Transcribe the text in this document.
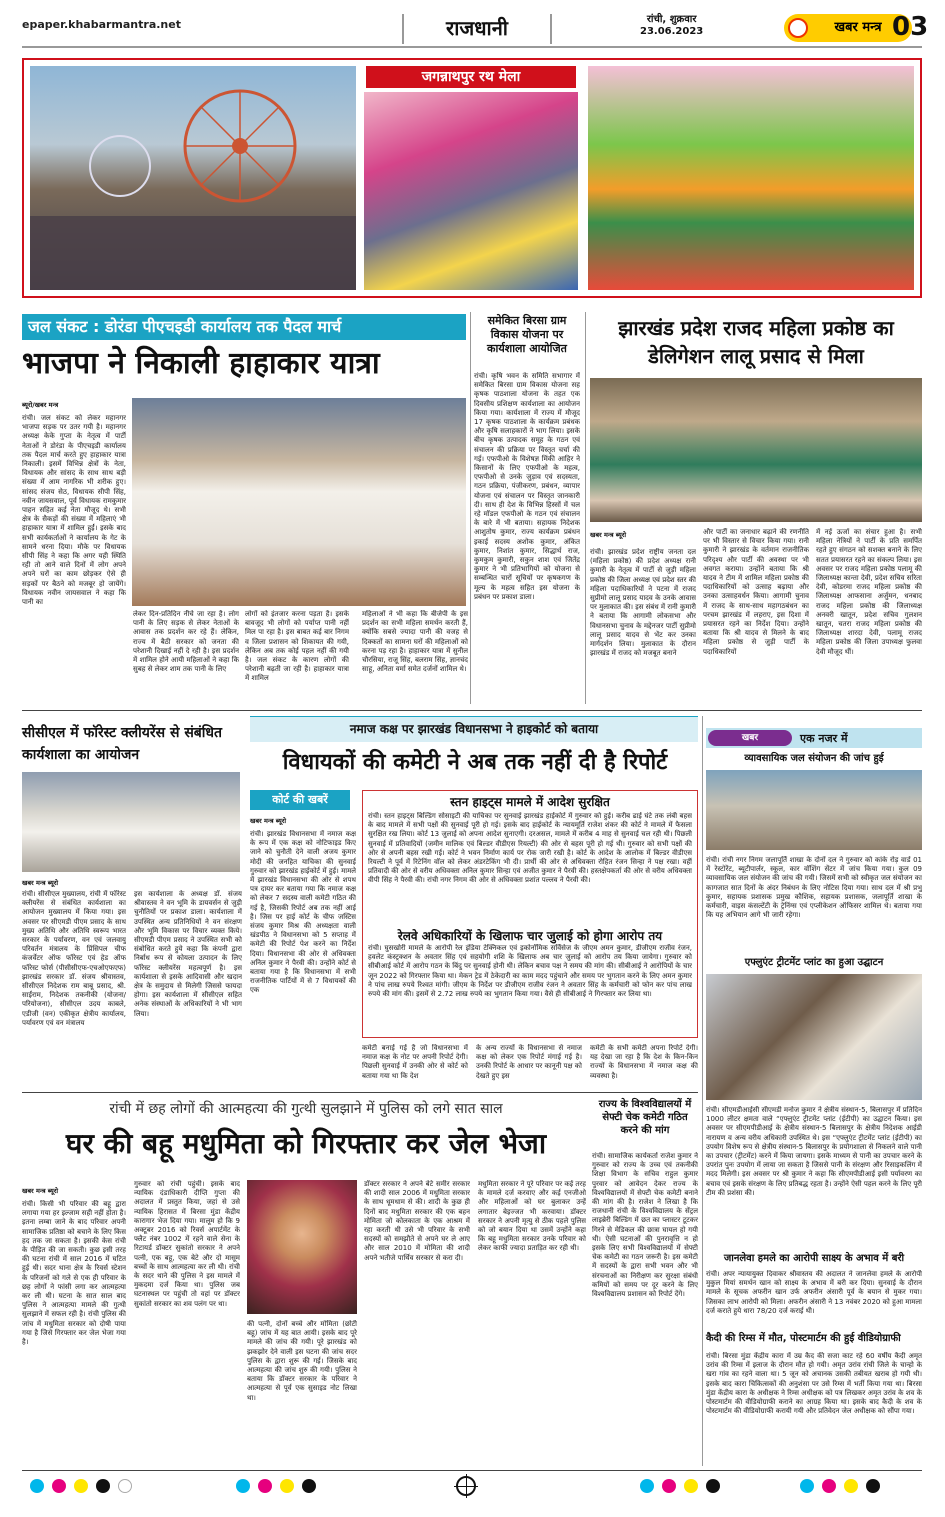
epaper.khabarmantra.net	राजधानी	रांची, शुक्रवार
23.06.2023	खबर मन्त्र 03
जगन्नाथपुर रथ मेला
जल संकट : डोरंडा पीएचइडी कार्यालय तक पैदल मार्च
भाजपा ने निकाली हाहाकार यात्रा
ब्यूरो/खबर मन्त्र
रांची। जल संकट को लेकर महानगर भाजपा सड़क पर उतर गयी है। महानगर अध्यक्ष केके गुप्ता के नेतृत्व में पार्टी नेताओं ने डोरंडा के पीएचइडी कार्यालय तक पैदल मार्च करते हुए हाहाकार यात्रा निकाली। इसमें विभिन्न क्षेत्रों के नेता, विधायक और सांसद के साथ साथ बड़ी संख्या में आम नागरिक भी शरीक हुए। सांसद संजय सेठ, विधायक सीपी सिंह, नवीन जायसवाल, पूर्व विधायक रामकुमार पाहन सहित कई नेता मौजूद थे। सभी क्षेत्र के सैकड़ों की संख्या में महिलाएं भी हाहाकार यात्रा में शामिल हुईं। इसके बाद सभी कार्यकर्ताओं ने कार्यालय के गेट के सामने धरना दिया। मौके पर विधायक सीपी सिंह ने कहा कि अगर यही स्थिति रही तो आने वाले दिनों में लोग अपने अपने घरों का काम छोड़कर ऐसे ही सड़कों पर बैठने को मजबूर हो जायेंगे। विधायक नवीन जायसवाल ने कहा कि पानी का
लेकर दिन-प्रतिदिन नीचे जा रहा है। लोग पानी के लिए सड़क से लेकर नेताओं के आवास तक प्रदर्शन कर रहे हैं। लेकिन, राज्य में बैठी सरकार को जनता की परेशानी दिखाई नहीं दे रही है। इस प्रदर्शन में शामिल होने आयी महिलाओं ने कहा कि सुबह से लेकर शाम तक पानी के लिए
लोगों को इंतजार करना पड़ता है। इसके बावजूद भी लोगों को पर्याप्त पानी नहीं मिल पा रहा है। इस बाबत कई बार निगम व जिला प्रशासन को शिकायत की गयी, लेकिन अब तक कोई पहल नहीं की गयी है। जल संकट के कारण लोगों की परेशानी बढ़ती जा रही है। हाहाकार यात्रा में शामिल
महिलाओं ने भी कहा कि बीजेपी के इस प्रदर्शन का सभी महिला समर्थन करती हैं, क्योंकि सबसे ज्यादा पानी की वजह से दिक्कतों का सामना घरों की महिलाओं को करना पड़ रहा है। हाहाकार यात्रा में सुनील चौरसिया, राजू सिंह, बलराम सिंह, ज्ञानचंद साहू, अनिता वर्मा समेत दर्जनों शामिल थे।
समेकित बिरसा ग्राम विकास योजना पर कार्यशाला आयोजित
रांची। कृषि भवन के समिति सभागार में समेकित बिरसा ग्राम विकास योजना सह कृषक पाठशाला योजना के तहत एक दिवसीय प्रशिक्षण कार्यशाला का आयोजन किया गया। कार्यशाला में राज्य में मौजूद 17 कृषक पाठशाला के कार्यक्रम प्रबंधक और कृषि सलाहकारों ने भाग लिया। इसके बीच कृषक उत्पादक समूह के गठन एवं संचालन की प्रक्रिया पर विस्तृत चर्चा की गई। एफपीओ के विशेषज्ञ मिंकी आहिर ने किसानों के लिए एफपीओ के महत्व, एफपीओ से उनके जुड़ाव एवं सदस्यता, गठन प्रक्रिया, पंजीकरण, प्रबंधन, व्यापार योजना एवं संचालन पर विस्तृत जानकारी दी। साथ ही देश के विभिन्न हिस्सों में चल रहे मॉडल एफपीओ के गठन एवं संचालन के बारे में भी बताया। सहायक निदेशक आशुतोष कुमार, राज्य कार्यक्रम प्रबंधन इकाई सदस्य अशोक कुमार, अंकित कुमार, निशांत कुमार, सिद्धार्थ राज, कुमकुम कुमारी, सकुन शाश एवं जितेंद्र कुमार ने भी प्रतिभागियों को योजना से सम्बन्धित चारों सूचियों पर कृषकगण के मूल्य के महत्व सहित इस योजना के प्रबंधन पर प्रकाश डाला।
झारखंड प्रदेश राजद महिला प्रकोष्ठ का डेलिगेशन लालू प्रसाद से मिला
खबर मन्त्र ब्यूरो
रांची। झारखंड प्रदेश राष्ट्रीय जनता दल (महिला प्रकोष्ठ) की प्रदेश अध्यक्ष रानी कुमारी के नेतृत्व में पार्टी से जुड़ी महिला प्रकोष्ठ की जिला अध्यक्ष एवं प्रदेश स्तर की महिला पदाधिकारियों ने पटना में राजद सुप्रीमो लालू प्रसाद यादव के उनके आवास पर मुलाकात की। इस संबंध में रानी कुमारी ने बताया कि आगामी लोकसभा और विधानसभा चुनाव के मद्देनजर पार्टी सुप्रीमो लालू प्रसाद यादव से भेंट कर उनका मार्गदर्शन लिया। मुलाकात के दौरान झारखंड में राजद को मजबूत बनाने
और पार्टी का जनाधार बढ़ाने की रणनीति पर भी विस्तार से विचार किया गया। रानी कुमारी ने झारखंड के वर्तमान राजनीतिक परिदृश्य और पार्टी की अवस्था पर भी अवगत कराया। उन्होंने बताया कि श्री यादव ने टीम में शामिल महिला प्रकोष्ठ की पदाधिकारियों को उत्साह बढ़ाया और उनका उत्साहवर्धन किया। आगामी चुनाव में राजद के साथ-साथ महागठबंधन का परचम झारखंड में लहराए, इस दिशा में प्रयासरत रहने का निर्देश दिया। उन्होंने बताया कि श्री यादव से मिलने के बाद महिला प्रकोष्ठ से जुड़ी पार्टी के पदाधिकारियों
में नई ऊर्जा का संचार हुआ है। सभी महिला नेत्रियों ने पार्टी के प्रति समर्पित रहते हुए संगठन को सशक्त बनाने के लिए सतत प्रयासरत रहने का संकल्प लिया। इस अवसर पर राजद महिला प्रकोष्ठ पलामू की जिलाध्यक्ष कान्ता देवी, प्रदेश सचिव सरिता देवी, कोडरमा राजद महिला प्रकोष्ठ की जिलाध्यक्ष आफसाना अर्जुमन, धनबाद राजद महिला प्रकोष्ठ की जिलाध्यक्ष अनवरी खातून, प्रदेश सचिव गुलशन खातून, चतरा राजद महिला प्रकोष्ठ की जिलाध्यक्ष शारदा देवी, पलामू राजद महिला प्रकोष्ठ की जिला उपाध्यक्ष फुलवा देवी मौजूद थीं।
सीसीएल में फॉरेस्ट क्लीयरेंस से संबंधित कार्यशाला का आयोजन
खबर मन्त्र ब्यूरो
रांची। सीसीएल मुख्यालय, रांची में फॉरेस्ट क्लीयरेंस से संबंधित कार्यशाला का आयोजन मुख्यालय में किया गया। इस अवसर पर सीएमडी पीएम प्रसाद के साथ मुख्य अतिथि और अतिथि स्वरूप भारत सरकार के पर्यावरण, वन एवं जलवायु परिवर्तन मंत्रालय के प्रिंसिपल चीफ कंजर्वेटर ऑफ फॉरेस्ट एवं हेड ऑफ फॉरेस्ट फोर्स (पीसीसीएफ-एचओएफएफ) झारखंड सरकार डॉ. संजय श्रीवास्तव, सीसीएल निदेशक राम बाबू प्रसाद, श्री. साईंराम, निदेशक तकनीकी (योजना/ परियोजना), सीसीएल उदय काबले, एडीजी (वन) एकीकृत क्षेत्रीय कार्यालय, पर्यावरण एवं वन मंत्रालय
इस कार्यशाला के अध्यक्ष डॉ. संजय श्रीवास्तव ने वन भूमि के डायवर्सन से जुड़ी चुनौतियों पर प्रकाश डाला। कार्यशाला में उपस्थित अन्य प्रतिनिधियों ने वन संरक्षण और भूमि विकास पर विचार व्यक्त किये। सीएमडी पीएम प्रसाद ने उपस्थित सभी को संबोधित करते हुये कहा कि कंपनी द्वारा निर्बाध रूप से कोयला उत्पादन के लिए फॉरेस्ट क्लीयरेंस महत्वपूर्ण है। इस कार्यशाला से इसके आदिवासी और खदान क्षेत्र के समुदाय से मिलेगी जिससे फायदा होगा। इस कार्यशाला में सीसीएल सहित अनेक संस्थाओं के अधिकारियों ने भी भाग लिया।
नमाज कक्ष पर झारखंड विधानसभा ने हाइकोर्ट को बताया
विधायकों की कमेटी ने अब तक नहीं दी है रिपोर्ट
कोर्ट की खबरें
खबर मन्त्र ब्यूरो
रांची। झारखंड विधानसभा में नमाज कक्ष के रूप में एक कक्ष को नोटिफाइड किए जाने को चुनौती देने वाली अजय कुमार मोदी की जनहित याचिका की सुनवाई गुरुवार को झारखंड हाईकोर्ट में हुई। मामले में झारखंड विधानसभा की ओर से शपथ पत्र दायर कर बताया गया कि नमाज कक्ष को लेकर 7 सदस्य वाली कमेटी गठित की गई है, जिसकी रिपोर्ट अब तक नहीं आई है। जिस पर हाई कोर्ट के चीफ जस्टिस संजय कुमार मिश्र की अध्यक्षता वाली खंडपीठ ने विधानसभा को 5 सप्ताह में कमेटी की रिपोर्ट पेश करने का निर्देश दिया। विधानसभा की ओर से अधिवक्ता अनिल कुमार ने पैरवी की। उन्होंने कोर्ट से बताया गया है कि विधानसभा में सभी राजनीतिक पार्टियों में से 7 विधायकों की एक
कमेटी बनाई गई है जो विधानसभा में नमाज कक्ष के नोट पर अपनी रिपोर्ट देगी। पिछली सुनवाई में उनकी ओर से कोर्ट को बताया गया था कि देश
के अन्य राज्यों के विधानसभा से नमाज कक्ष को लेकर एक रिपोर्ट मंगाई गई है। उनकी रिपोर्ट के आधार पर कानूनी पक्ष को देखते हुए इस
कमेटी के सभी कमेटी अपना रिपोर्ट देगी। यह देखा जा रहा है कि देश के किन-किन राज्यों के विधानसभा में नमाज कक्ष की व्यवस्था है।
स्तन हाइट्स मामले में आदेश सुरक्षित
रांची। स्तन हाइट्स बिल्डिंग सोसाइटी की याचिका पर सुनवाई झारखंड हाईकोर्ट में गुरुवार को हुई। करीब ढाई घंटे तक लंबी बहस के बाद मामले में सभी पक्षों की सुनवाई पूरी हो गई। इसके बाद हाईकोर्ट के न्यायमूर्ति राजेश शंकर की कोर्ट ने मामले में फैसला सुरक्षित रख लिया। कोर्ट 13 जुलाई को अपना आदेश सुनाएगी। दरअसल, मामले में करीब 4 माह से सुनवाई चल रही थी। पिछली सुनवाई में प्रतिवादियों (जमीन मालिक एवं बिल्डर वीडीएस रियल्टी) की ओर से बहस पूरी हो गई थी। गुरुवार को सभी पक्षों की ओर से अपनी बहस रखी गई। कोर्ट ने भवन निर्माण कार्य पर रोक जारी रखी है। कोर्ट के आदेश के आलोक में बिल्डर वीडीएस रियल्टी ने पूर्व में रिटेनिंग वॉल को लेकर अंडरटेकिंग भी दी। प्रार्थी की ओर से अधिवक्ता रोहित रंजन सिन्हा ने पक्ष रखा। वहीं प्रतिवादी की ओर से वरीय अधिवक्ता अनिल कुमार सिन्हा एवं अजीत कुमार ने पैरवी की। हस्तक्षेपकर्ता की ओर से वरीय अधिवक्ता वीपी सिंह ने पैरवी की। रांची नगर निगम की ओर से अधिवक्ता प्रशांत पल्लव ने पैरवी की।
रेलवे अधिकारियों के खिलाफ चार जुलाई को होगा आरोप तय
रांची। घुसखोरी मामले के आरोपी रेल इंडिया टेक्निकल एवं इकोनॉमिक सर्विसेज के जीएम अमन कुमार, डीजीएम राजीव रंजन, हवलेट कंस्ट्रक्शन के अवतार सिंह एवं सहयोगी शशि के खिलाफ अब चार जुलाई को आरोप तय किया जायेगा। गुरुवार को सीबीआई कोर्ट में आरोप गठन के बिंदु पर सुनवाई होनी थी। लेकिन बचाव पक्ष ने समय की मांग की। सीबीआई ने आरोपियों के चार जून 2022 को गिरफ्तार किया था। मेकन ट्रेड में ठेकेदारी का काम मदद पहुंचाने और समय पर भुगतान करने के लिए अमन कुमार ने पांच लाख रुपये रिश्वत मांगी। जीएम के निर्देश पर डीजीएम राजीव रंजन ने अवतार सिंह के कर्मचारी को फोन कर पांच लाख रुपये की मांग की। इसमें से 2.72 लाख रुपये का भुगतान किया गया। वैसे ही सीबीआई ने गिरफ्तार कर लिया था।
खबर	एक नजर में
व्यावसायिक जल संयोजन की जांच हुई
रांची। रांची नगर निगम जलापूर्ति शाखा के दोनों दल ने गुरुवार को कांके रोड़ वार्ड 01 में रेस्टोरेंट, ब्यूटीपार्लर, स्कूल, कार वॉशिंग सेंटर में जांच किया गया। कुल 09 व्यावसायिक जल संयोजन की जांच की गयी। जिसमें सभी को स्वीकृत जल संयोजन का कागजात सात दिनों के अंदर निबंधन के लिए नोटिस दिया गया। साथ दल में श्री प्रभु कुमार, सहायक प्रशासक प्रमुख कौशिक, सहायक प्रशासक, जलापूर्ति शाखा के कर्मचारी, वाइस कंसल्टेंटी के ट्रेनिंग्स एवं एप्लीकेशन ऑफिसर शामिल थे। बताया गया कि यह अभियान आगे भी जारी रहेगा।
एफ्लुएंट ट्रीटमेंट प्लांट का हुआ उद्घाटन
रांची। सीएमडीआईसी सीएमडी मनोज कुमार ने क्षेत्रीय संस्थान-5, बिलासपुर में प्रतिदिन 1000 लीटर क्षमता वाले “एफ्लुएंट ट्रीटमेंट प्लांट (ईटीपी) का उद्घाटन किया। इस अवसर पर सीएमपीडीआई के क्षेत्रीय संस्थान-5 बिलासपुर के क्षेत्रीय निदेशक आईडी नारायण व अन्य वरीय अधिकारी उपस्थित थे। इस “एफ्लुएंट ट्रीटमेंट प्लांट (ईटीपी) का उपयोग विशेष रूप से क्षेत्रीय संस्थान-5 बिलासपुर के प्रयोगशाला से निकलने वाले पानी का उपचार (ट्रीटमेंट) करने में किया जायगा। इसके माध्यम से पानी का उपचार करने के उपरांत पुनः उपयोग में लाया जा सकता है जिससे पानी के संरक्षण और रिसाइकलिंग में मदद मिलेगी। इस अवसर पर श्री कुमार ने कहा कि सीएमपीडीआई इसी पर्यावरण का बचाव एवं इसके संरक्षण के लिए प्रतिबद्ध रहता है। उन्होंने ऐसी पहल करने के लिए पूरी टीम की प्रशंसा की।
जानलेवा हमले का आरोपी साक्ष्य के अभाव में बरी
रांची। अपर न्यायायुक्त दिवाकर श्रीवास्तव की अदालत ने जानलेवा हमले के आरोपी मुकुल मियां समर्थन खान को साक्ष्य के अभाव में बरी कर दिया। सुनवाई के दौरान मामले के सूचक अफरीन खान उर्फ अफरीन अंसारी पूर्व के बयान से मुकर गया। जिसका लाभ आरोपी को मिला। अफरीन अंसारी ने 13 नवंबर 2020 को हुआ मामला दर्ज कराते हुये धारा 78/20 दर्ज कराई थी।
कैदी की रिम्स में मौत, पोस्टमार्टम की हुई वीडियोग्राफी
रांची। बिरसा मुंडा केंद्रीय कारा में उम्र कैद की सजा काट रहे 60 वर्षीय कैदी अमृत उरांव की रिम्स में इलाज के दौरान मौत हो गयी। अमृत उरांव रांची जिले के चान्हो के खरा गांव का रहने वाला था। 5 जून को अचानक उसकी तबीयत खराब हो गयी थी। इसके बाद कारा चिकित्सकों की अनुशंसा पर उसे रिम्स में भर्ती किया गया था। बिरसा मुंडा केंद्रीय कारा के अधीक्षक ने रिम्स अधीक्षक को पत्र लिखकर अमृत उरांव के शव के पोस्टमार्टम की वीडियोग्राफी कराने का आग्रह किया था। इसके बाद कैदी के शव के पोस्टमार्टम की वीडियोग्राफी करायी गयी और प्रतिवेदन जेल अधीक्षक को सौंपा गया।
रांची में छह लोगों की आत्महत्या की गुत्थी सुलझाने में पुलिस को लगे सात साल
घर की बहू मधुमिता को गिरफ्तार कर जेल भेजा
खबर मन्त्र ब्यूरो
रांची। किसी भी परिवार की बहू द्वारा लगाया गया हर इल्जाम सही नहीं होता है। इतना लम्बा जाने के बाद परिवार अपनी सामाजिक प्रतिष्ठा को बचाने के लिए किस हद तक जा सकता है। इसकी केस रांची के पीड़ित की जा सकती। कुछ इसी तरह की घटना रांची में साल 2016 में घटित हुई थी। सदर थाना क्षेत्र के रिवर्स स्टेशन के परिजनों को गले से एक ही परिवार के छह लोगों ने फांसी लगा कर आत्महत्या कर ली थी। घटना के सात साल बाद पुलिस ने आत्महत्या मामले की गुत्थी सुलझाने में सफल रही है। रांची पुलिस की जांच में मधुमिता सरकार को दोषी पाया गया है जिसे गिरफ्तार कर जेल भेजा गया है।
गुरुवार को रांची पहुंची। इसके बाद न्यायिक दंडाधिकारी दीप्ति गुप्ता की अदालत में प्रस्तुत किया, जहां से उसे न्यायिक हिरासत में बिरसा मुंडा केंद्रीय कारागार भेज दिया गया। मालूम हो कि 9 अक्टूबर 2016 को रिवर्स अपार्टमेंट के फ्लैट नंबर 1002 में रहने वाले सेना के रिटायर्ड डॉक्टर सुकांतो सरकार ने अपने पत्नी, एक बहू, एक बेटे और दो मासूम बच्चों के साथ आत्महत्या कर ली थी। रांची के सदर थाने की पुलिस ने इस मामले में मुकदमा दर्ज किया था। पुलिस जब घटनास्थल पर पहुंची तो वहां पर डॉक्टर सुकांतो सरकार का शव पलंग पर था।
की पत्नी, दोनों बच्चे और मोमिता (छोटी बहू) जांच में यह बात आयी। इसके बाद पूरे मामले की जांच की गयी। पूरे झारखंड को झकझोर देने वाली इस घटना की जांच सदर पुलिस के द्वारा शुरू की गई। जिसके बाद आत्महत्या की जांच शुरु की गयी। पुलिस ने बताया कि डॉक्टर सरकार के परिवार ने आत्महत्या से पूर्व एक सुसाइड नोट लिखा था।
डॉक्टर सरकार ने अपने बेटे समीर सरकार की शादी साल 2006 में मधुमिता सरकार के साथ धूमधाम से की। शादी के कुछ ही दिनों बाद मधुमिता सरकार की एक बहन मोमिता जो कोलकाता के एक आश्रम में रहा करती थी उसे भी परिवार के सभी सदस्यों को समझौते से अपने घर ले आए और साल 2010 में मोमिता की शादी अपने भतीजे पार्थिव सरकार से करा दी।
मधुमिता सरकार ने पूरे परिवार पर कई तरह के मामले दर्ज करवाए और कई एनजीओ और महिलाओं को घर बुलाकर उन्हें लगातार बेइज्जत भी करवाया। डॉक्टर सरकार ने अपनी मृत्यु से ठीक पहले पुलिस को जो बयान दिया था उसमें उन्होंने कहा कि बहू मधुमिता सरकार उनके परिवार को लेकर काफी ज्यादा प्रताड़ित कर रही थी।
राज्य के विश्वविद्यालयों में सेफ्टी चेक कमेटी गठित करने की मांग
रांची। सामाजिक कार्यकर्ता राजेश कुमार ने गुरुवार को राज्य के उच्च एवं तकनीकी शिक्षा विभाग के सचिव राहुल कुमार पुरवार को आवेदन देकर राज्य के विश्वविद्यालयों में सेफ्टी चेक कमेटी बनाने की मांग की है। राजेश ने लिखा है कि राजधानी रांची के विश्वविद्यालय के सेंट्रल लाइब्रेरी बिल्डिंग में छत का प्लास्टर टूटकर गिरने से मेडिकल की छात्रा घायल हो गयी थी। ऐसी घटनाओं की पुनरावृत्ति न हो इसके लिए सभी विश्वविद्यालयों में सेफ्टी चेक कमेटी का गठन जरूरी है। इस कमेटी में सदस्यों के द्वारा सभी भवन और भी संरचनाओं का निरीक्षण कर सुरक्षा संबंधी कमियों को समय पर दूर करने के लिए विश्वविद्यालय प्रशासन को रिपोर्ट देंगे।
